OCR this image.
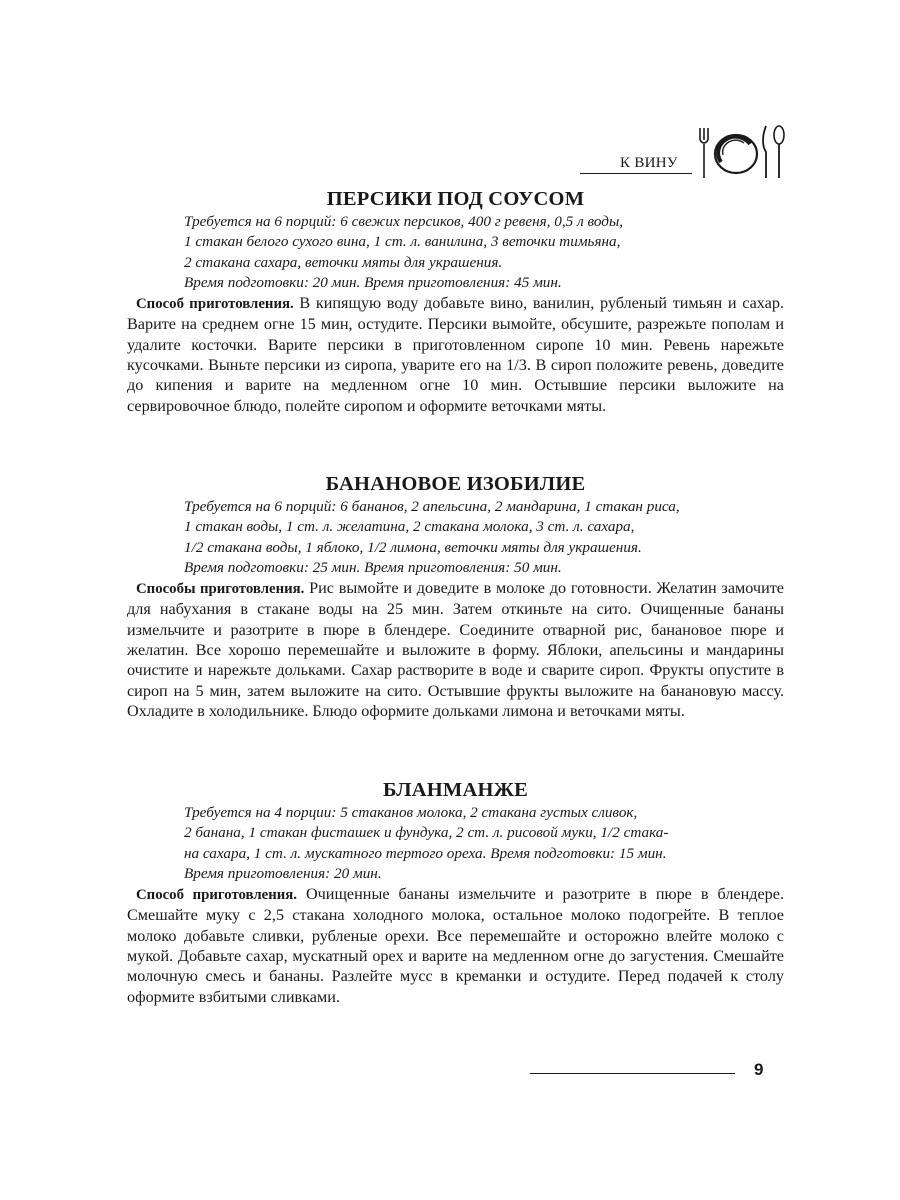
К ВИНУ
ПЕРСИКИ ПОД СОУСОМ

Требуется на 6 порций: 6 свежих персиков, 400 г ревеня, 0,5 л воды,
1 стакан белого сухого вина, 1 ст. л. ванилина, 3 веточки тимьяна,
2 стакана сахара, веточки мяты для украшения.
Время подготовки: 20 мин. Время приготовления: 45 мин.

Способ приготовления. В кипящую воду добавьте вино, ванилин, рубленый тимьян и сахар. Варите на среднем огне 15 мин, остудите. Персики вымойте, обсушите, разрежьте пополам и удалите косточки. Варите персики в приготовленном сиропе 10 мин. Ревень нарежьте кусочками. Выньте персики из сиропа, уварите его на 1/3. В сироп положите ревень, доведите до кипения и варите на медленном огне 10 мин. Остывшие персики выложите на сервировочное блюдо, полейте сиропом и оформите веточками мяты.

БАНАНОВОЕ ИЗОБИЛИЕ

Требуется на 6 порций: 6 бананов, 2 апельсина, 2 мандарина, 1 стакан риса,
1 стакан воды, 1 ст. л. желатина, 2 стакана молока, 3 ст. л. сахара,
1/2 стакана воды, 1 яблоко, 1/2 лимона, веточки мяты для украшения.
Время подготовки: 25 мин. Время приготовления: 50 мин.

Способы приготовления. Рис вымойте и доведите в молоке до готовности. Желатин замочите для набухания в стакане воды на 25 мин. Затем откиньте на сито. Очищенные бананы измельчите и разотрите в пюре в блендере. Соедините отварной рис, банановое пюре и желатин. Все хорошо перемешайте и выложите в форму. Яблоки, апельсины и мандарины очистите и нарежьте дольками. Сахар растворите в воде и сварите сироп. Фрукты опустите в сироп на 5 мин, затем выложите на сито. Остывшие фрукты выложите на банановую массу. Охладите в холодильнике. Блюдо оформите дольками лимона и веточками мяты.

БЛАНМАНЖЕ

Требуется на 4 порции: 5 стаканов молока, 2 стакана густых сливок,
2 банана, 1 стакан фисташек и фундука, 2 ст. л. рисовой муки, 1/2 стака-
на сахара, 1 ст. л. мускатного тертого ореха. Время подготовки: 15 мин.
Время приготовления: 20 мин.

Способ приготовления. Очищенные бананы измельчите и разотрите в пюре в блендере. Смешайте муку с 2,5 стакана холодного молока, остальное молоко подогрейте. В теплое молоко добавьте сливки, рубленые орехи. Все перемешайте и осторожно влейте молоко с мукой. Добавьте сахар, мускатный орех и варите на медленном огне до загустения. Смешайте молочную смесь и бананы. Разлейте мусс в креманки и остудите. Перед подачей к столу оформите взбитыми сливками.

9
